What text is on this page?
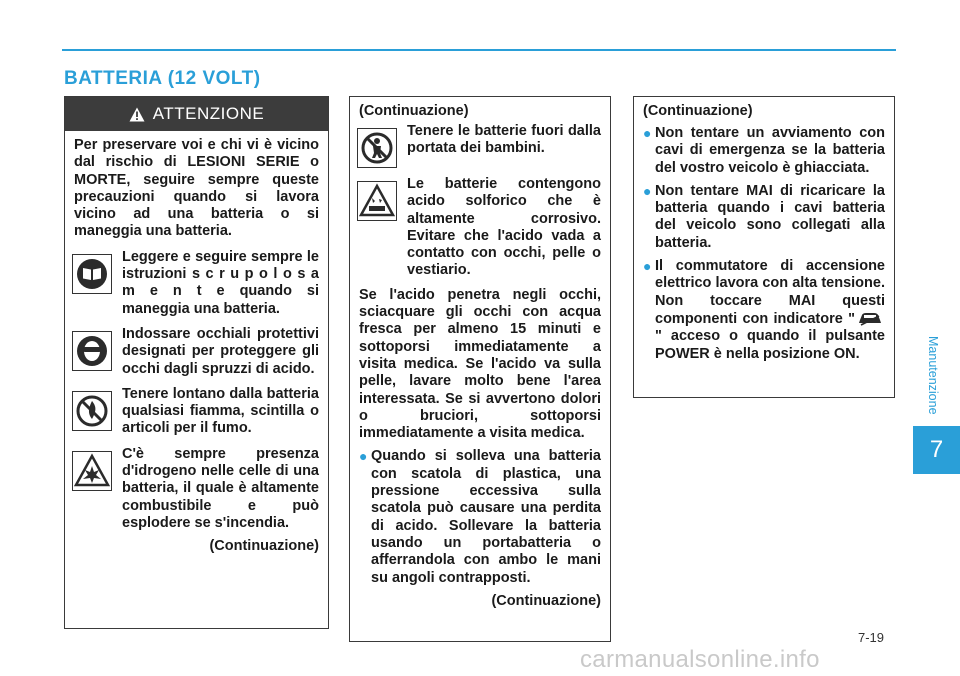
BATTERIA (12 VOLT)
Manutenzione
7
ATTENZIONE
Per preservare voi e chi vi è vicino dal rischio di LESIONI SERIE o MORTE, seguire sempre queste precauzioni quando si lavora vicino ad una batteria o si maneggia una batteria.
Leggere e seguire sempre le istruzioni s c r u p o l o s a m e n t e quando si maneggia una batteria.
Indossare occhiali protettivi designati per proteggere gli occhi dagli spruzzi di acido.
Tenere lontano dalla batteria qualsiasi fiamma, scintilla o articoli per il fumo.
C'è sempre presenza d'idrogeno nelle celle di una batteria, il quale è altamente combustibile e può esplodere se s'incendia.
(Continuazione)
(Continuazione)
Tenere le batterie fuori dalla portata dei bambini.
Le batterie contengono acido solforico che è altamente corrosivo. Evitare che l'acido vada a contatto con occhi, pelle o vestiario.
Se l'acido penetra negli occhi, sciacquare gli occhi con acqua fresca per almeno 15 minuti e sottoporsi immediatamente a visita medica. Se l'acido va sulla pelle, lavare molto bene l'area interessata. Se si avvertono dolori o bruciori, sottoporsi immediatamente a visita medica.
● Quando si solleva una batteria con scatola di plastica, una pressione eccessiva sulla scatola può causare una perdita di acido. Sollevare la batteria usando un portabatteria o afferrandola con ambo le mani su angoli contrapposti.
(Continuazione)
(Continuazione)
● Non tentare un avviamento con cavi di emergenza se la batteria del vostro veicolo è ghiacciata.
● Non tentare MAI di ricaricare la batteria quando i cavi batteria del veicolo sono collegati alla batteria.
● Il commutatore di accensione elettrico lavora con alta tensione. Non toccare MAI questi componenti con indicatore "" acceso o quando il pulsante POWER è nella posizione ON.
7-19
carmanualsonline.info
